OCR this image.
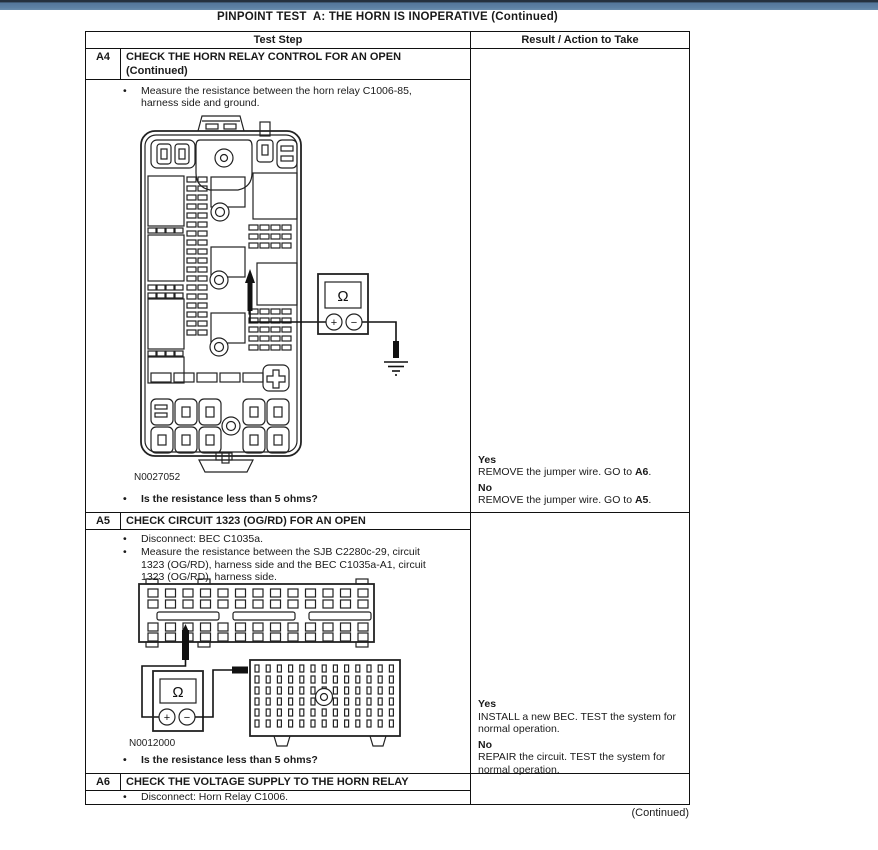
PINPOINT TEST  A: THE HORN IS INOPERATIVE (Continued)
Test Step	Result / Action to Take
A4	CHECK THE HORN RELAY CONTROL FOR AN OPEN
(Continued)
Yes
REMOVE the jumper wire. GO to A6.
No
REMOVE the jumper wire. GO to A5.
•	Measure the resistance between the horn relay C1006-85, harness side and ground.
Ω
+ −
N0027052
•	Is the resistance less than 5 ohms?
A5	CHECK CIRCUIT 1323 (OG/RD) FOR AN OPEN
Yes
INSTALL a new BEC. TEST the system for normal operation.
No
REPAIR the circuit. TEST the system for normal operation.
•	Disconnect: BEC C1035a.
•	Measure the resistance between the SJB C2280c-29, circuit 1323 (OG/RD), harness side and the BEC C1035a-A1, circuit 1323 (OG/RD), harness side.
Ω
+ −
N0012000
•	Is the resistance less than 5 ohms?
A6	CHECK THE VOLTAGE SUPPLY TO THE HORN RELAY
•	Disconnect: Horn Relay C1006.
(Continued)
